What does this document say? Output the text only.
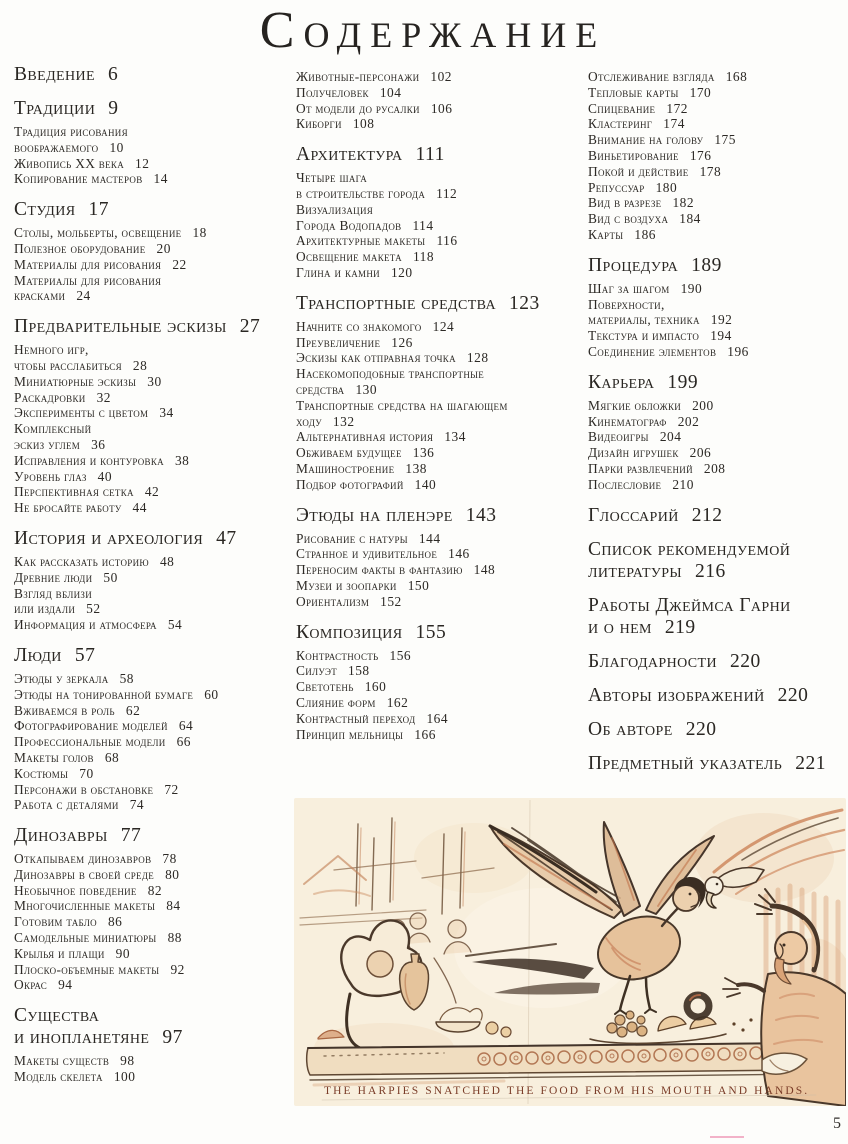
Содержание
Введение 6
Традиции 9
Традиция рисования
воображаемого 10
Живопись XX века 12
Копирование мастеров 14
Студия 17
Столы, мольберты, освещение 18
Полезное оборудование 20
Материалы для рисования 22
Материалы для рисования
красками 24
Предварительные эскизы 27
Немного игр,
чтобы расслабиться 28
Миниатюрные эскизы 30
Раскадровки 32
Эксперименты с цветом 34
Комплексный
эскиз углем 36
Исправления и контуровка 38
Уровень глаз 40
Перспективная сетка 42
Не бросайте работу 44
История и археология 47
Как рассказать историю 48
Древние люди 50
Взгляд вблизи
или издали 52
Информация и атмосфера 54
Люди 57
Этюды у зеркала 58
Этюды на тонированной бумаге 60
Вживаемся в роль 62
Фотографирование моделей 64
Профессиональные модели 66
Макеты голов 68
Костюмы 70
Персонажи в обстановке 72
Работа с деталями 74
Динозавры 77
Откапываем динозавров 78
Динозавры в своей среде 80
Необычное поведение 82
Многочисленные макеты 84
Готовим табло 86
Самодельные миниатюры 88
Крылья и плащи 90
Плоско-объемные макеты 92
Окрас 94
Существа
и инопланетяне 97
Макеты существ 98
Модель скелета 100
Животные-персонажи 102
Получеловек 104
От модели до русалки 106
Киборги 108
Архитектура 111
Четыре шага
в строительстве города 112
Визуализация
Города Водопадов 114
Архитектурные макеты 116
Освещение макета 118
Глина и камни 120
Транспортные средства 123
Начните со знакомого 124
Преувеличение 126
Эскизы как отправная точка 128
Насекомоподобные транспортные
средства 130
Транспортные средства на шагающем
ходу 132
Альтернативная история 134
Обживаем будущее 136
Машиностроение 138
Подбор фотографий 140
Этюды на пленэре 143
Рисование с натуры 144
Странное и удивительное 146
Переносим факты в фантазию 148
Музеи и зоопарки 150
Ориентализм 152
Композиция 155
Контрастность 156
Силуэт 158
Светотень 160
Слияние форм 162
Контрастный переход 164
Принцип мельницы 166
Отслеживание взгляда 168
Тепловые карты 170
Спицевание 172
Кластеринг 174
Внимание на голову 175
Виньетирование 176
Покой и действие 178
Репуссуар 180
Вид в разрезе 182
Вид с воздуха 184
Карты 186
Процедура 189
Шаг за шагом 190
Поверхности,
материалы, техника 192
Текстура и импасто 194
Соединение элементов 196
Карьера 199
Мягкие обложки 200
Кинематограф 202
Видеоигры 204
Дизайн игрушек 206
Парки развлечений 208
Послесловие 210
Глоссарий 212
Список рекомендуемой
литературы 216
Работы Джеймса Гарни
и о нем 219
Благодарности 220
Авторы изображений 220
Об авторе 220
Предметный указатель 221
THE HARPIES SNATCHED THE FOOD FROM HIS MOUTH AND HANDS.
5
